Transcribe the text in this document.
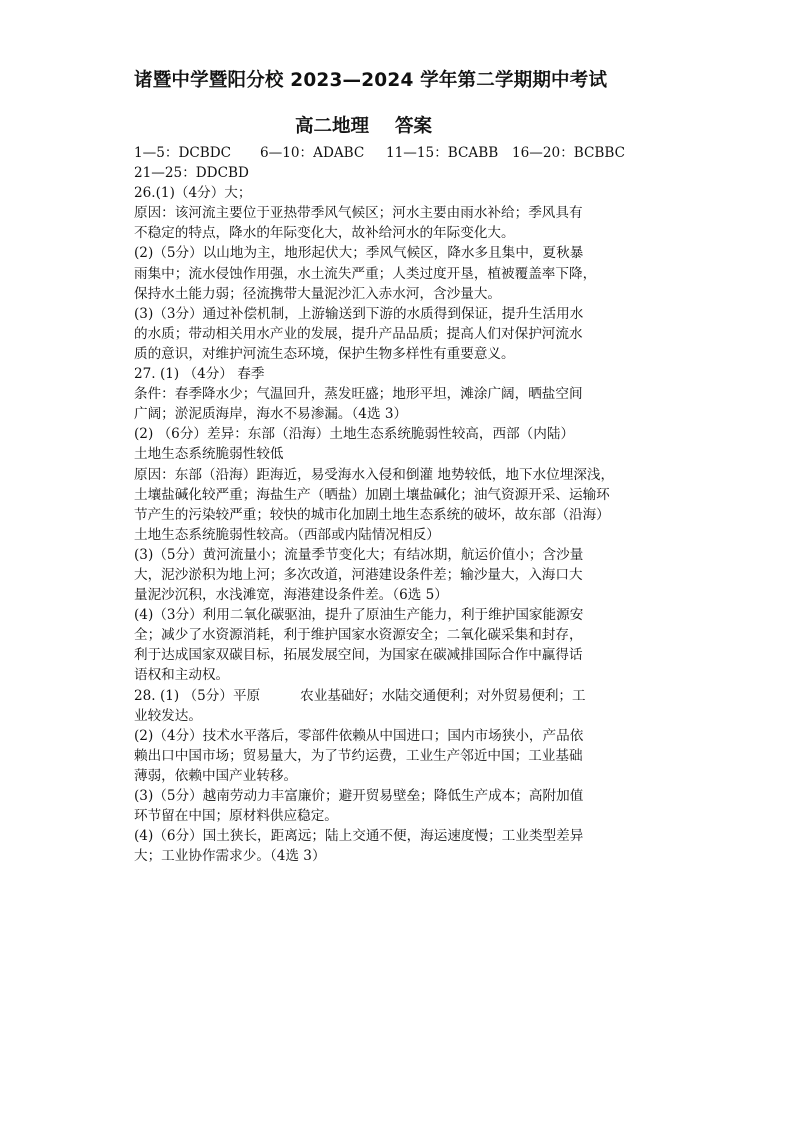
诸暨中学暨阳分校 2023—2024 学年第二学期期中考试
高二地理 答案
1—5：DCBDC 6—10：ADABC 11—15：BCABB 16—20：BCBBC
21—25：DDCBD
26.(1)（4分）大；
原因：该河流主要位于亚热带季风气候区；河水主要由雨水补给；季风具有
不稳定的特点，降水的年际变化大，故补给河水的年际变化大。
(2)（5分）以山地为主，地形起伏大；季风气候区，降水多且集中，夏秋暴
雨集中；流水侵蚀作用强，水土流失严重；人类过度开垦，植被覆盖率下降，
保持水土能力弱；径流携带大量泥沙汇入赤水河，含沙量大。
(3)（3分）通过补偿机制，上游输送到下游的水质得到保证，提升生活用水
的水质；带动相关用水产业的发展，提升产品品质；提高人们对保护河流水
质的意识，对维护河流生态环境，保护生物多样性有重要意义。
27. (1) （4分） 春季
条件：春季降水少；气温回升，蒸发旺盛；地形平坦，滩涂广阔，晒盐空间
广阔；淤泥质海岸，海水不易渗漏。（4选 3）
(2) （6分）差异：东部（沿海）土地生态系统脆弱性较高，西部（内陆）
土地生态系统脆弱性较低
原因：东部（沿海）距海近，易受海水入侵和倒灌 地势较低，地下水位埋深浅，
土壤盐碱化较严重；海盐生产（晒盐）加剧土壤盐碱化；油气资源开采、运输环
节产生的污染较严重；较快的城市化加剧土地生态系统的破坏，故东部（沿海）
土地生态系统脆弱性较高。（西部或内陆情况相反）
(3)（5分）黄河流量小；流量季节变化大；有结冰期，航运价值小；含沙量
大，泥沙淤积为地上河；多次改道，河港建设条件差；输沙量大，入海口大
量泥沙沉积，水浅滩宽，海港建设条件差。（6选 5）
(4)（3分）利用二氧化碳驱油，提升了原油生产能力，利于维护国家能源安
全；减少了水资源消耗，利于维护国家水资源安全；二氧化碳采集和封存，
利于达成国家双碳目标，拓展发展空间，为国家在碳减排国际合作中赢得话
语权和主动权。
28. (1) （5分）平原	农业基础好；水陆交通便利；对外贸易便利；工
业较发达。
(2)（4分）技术水平落后，零部件依赖从中国进口；国内市场狭小，产品依
赖出口中国市场；贸易量大，为了节约运费，工业生产邻近中国；工业基础
薄弱，依赖中国产业转移。
(3)（5分）越南劳动力丰富廉价；避开贸易壁垒；降低生产成本；高附加值
环节留在中国；原材料供应稳定。
(4)（6分）国土狭长，距离远；陆上交通不便，海运速度慢；工业类型差异
大；工业协作需求少。（4选 3）
